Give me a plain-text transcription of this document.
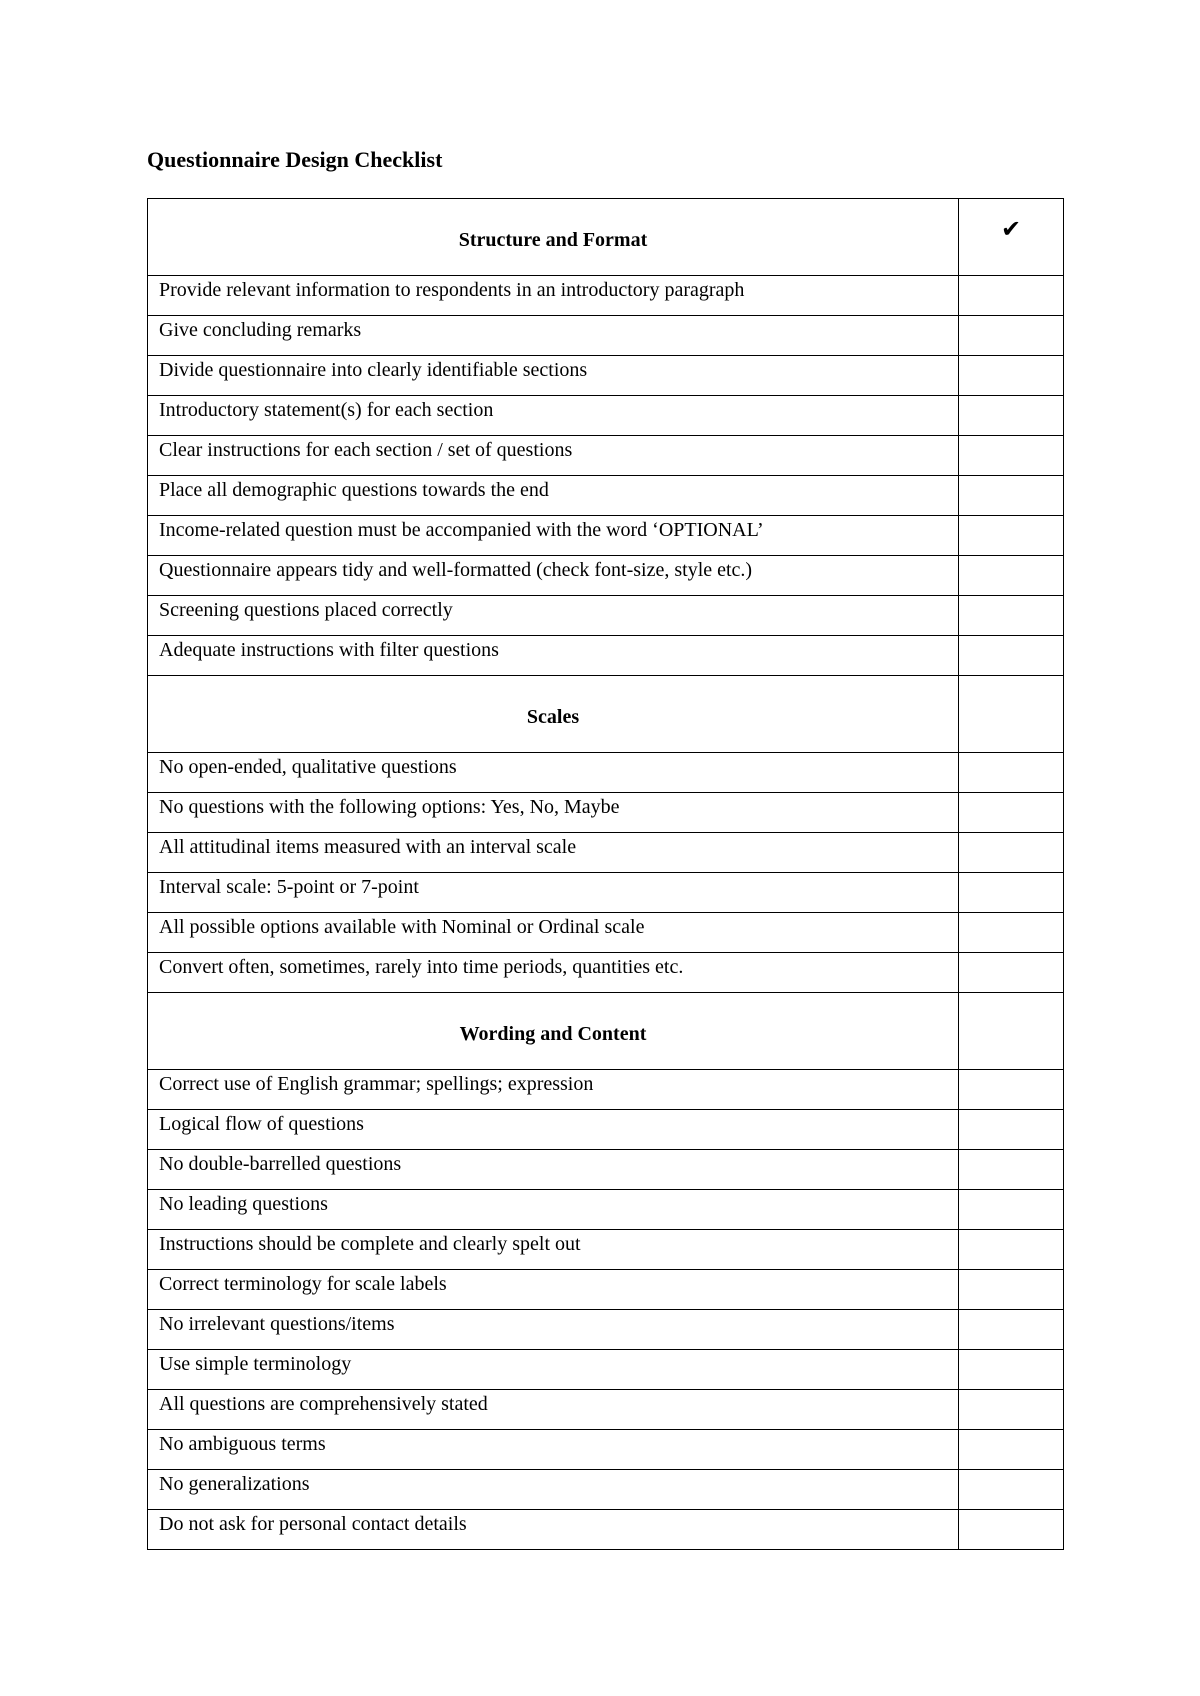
Questionnaire Design Checklist
Structure and Format	✔
Provide relevant information to respondents in an introductory paragraph	
Give concluding remarks	
Divide questionnaire into clearly identifiable sections	
Introductory statement(s) for each section	
Clear instructions for each section / set of questions	
Place all demographic questions towards the end	
Income-related question must be accompanied with the word ‘OPTIONAL’	
Questionnaire appears tidy and well-formatted (check font-size, style etc.)	
Screening questions placed correctly	
Adequate instructions with filter questions	
Scales	
No open-ended, qualitative questions	
No questions with the following options: Yes, No, Maybe	
All attitudinal items measured with an interval scale	
Interval scale: 5-point or 7-point	
All possible options available with Nominal or Ordinal scale	
Convert often, sometimes, rarely into time periods, quantities etc.	
Wording and Content	
Correct use of English grammar; spellings; expression	
Logical flow of questions	
No double-barrelled questions	
No leading questions	
Instructions should be complete and clearly spelt out	
Correct terminology for scale labels	
No irrelevant questions/items	
Use simple terminology	
All questions are comprehensively stated	
No ambiguous terms	
No generalizations	
Do not ask for personal contact details	
